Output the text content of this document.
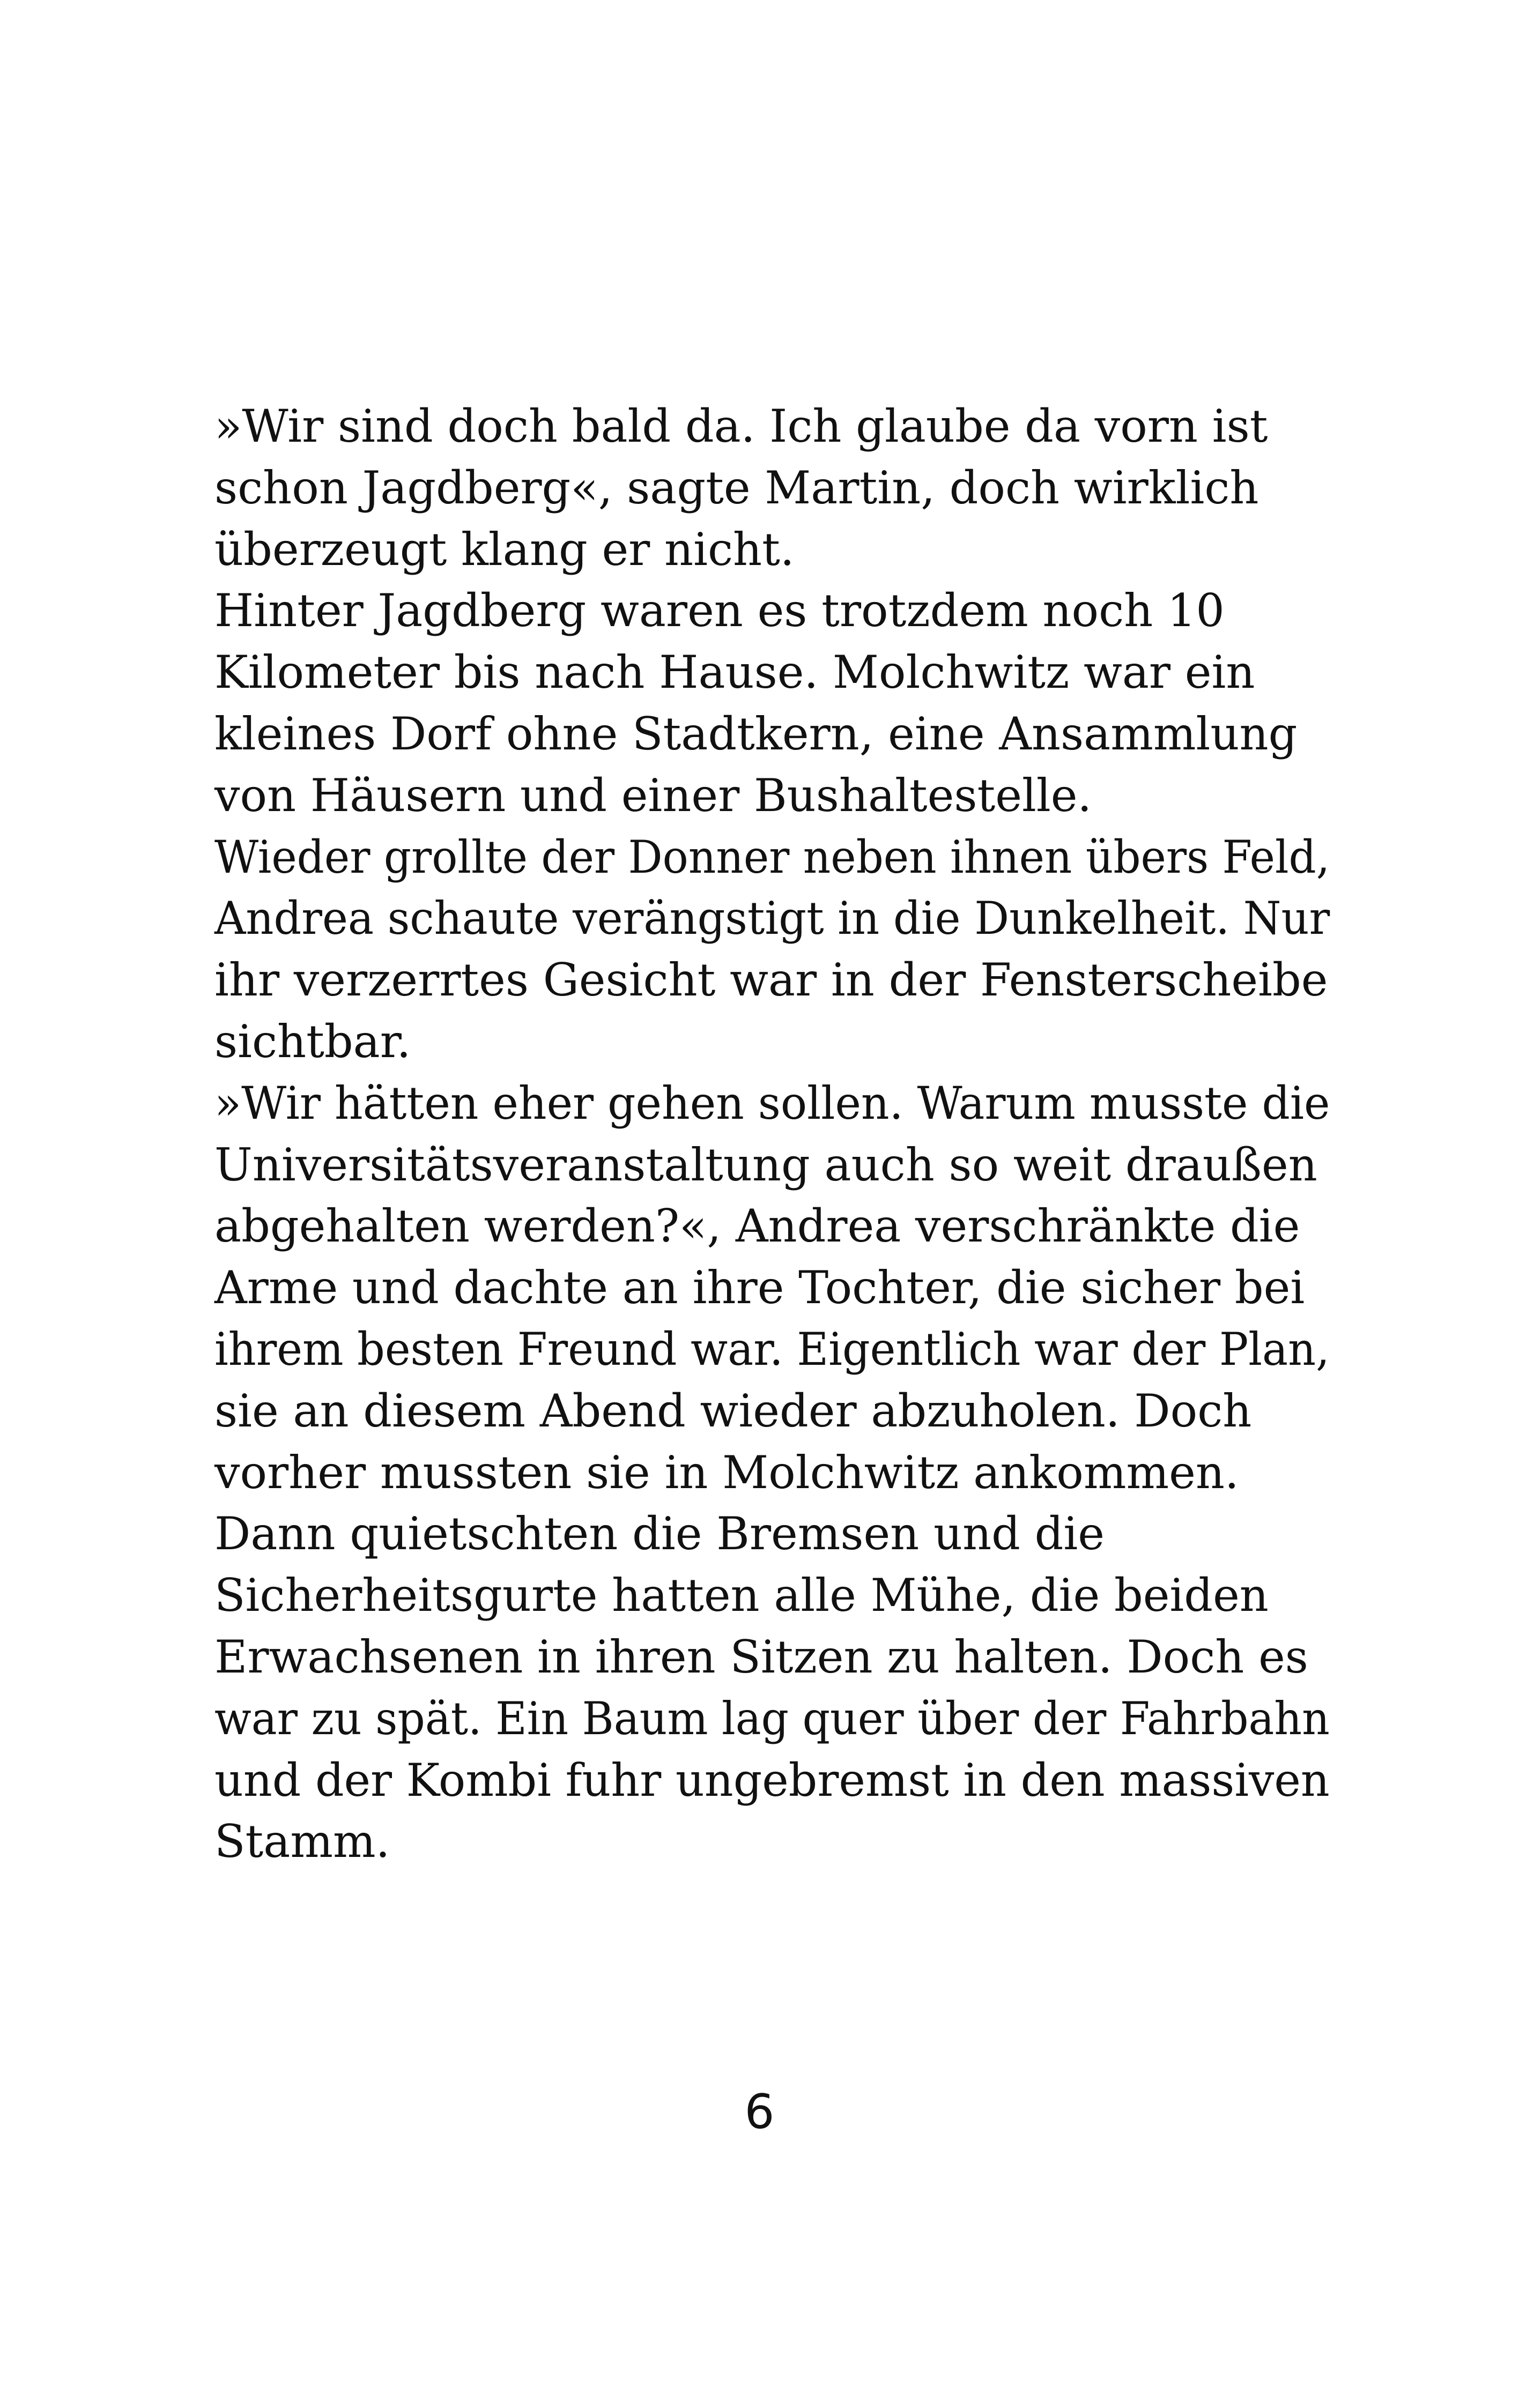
»Wir sind doch bald da. Ich glaube da vorn ist
schon Jagdberg«, sagte Martin, doch wirklich
überzeugt klang er nicht.
Hinter Jagdberg waren es trotzdem noch 10
Kilometer bis nach Hause. Molchwitz war ein
kleines Dorf ohne Stadtkern, eine Ansammlung
von Häusern und einer Bushaltestelle.
Wieder grollte der Donner neben ihnen übers Feld,
Andrea schaute verängstigt in die Dunkelheit. Nur
ihr verzerrtes Gesicht war in der Fensterscheibe
sichtbar.
»Wir hätten eher gehen sollen. Warum musste die
Universitätsveranstaltung auch so weit draußen
abgehalten werden?«, Andrea verschränkte die
Arme und dachte an ihre Tochter, die sicher bei
ihrem besten Freund war. Eigentlich war der Plan,
sie an diesem Abend wieder abzuholen. Doch
vorher mussten sie in Molchwitz ankommen.
Dann quietschten die Bremsen und die
Sicherheitsgurte hatten alle Mühe, die beiden
Erwachsenen in ihren Sitzen zu halten. Doch es
war zu spät. Ein Baum lag quer über der Fahrbahn
und der Kombi fuhr ungebremst in den massiven
Stamm.
6
